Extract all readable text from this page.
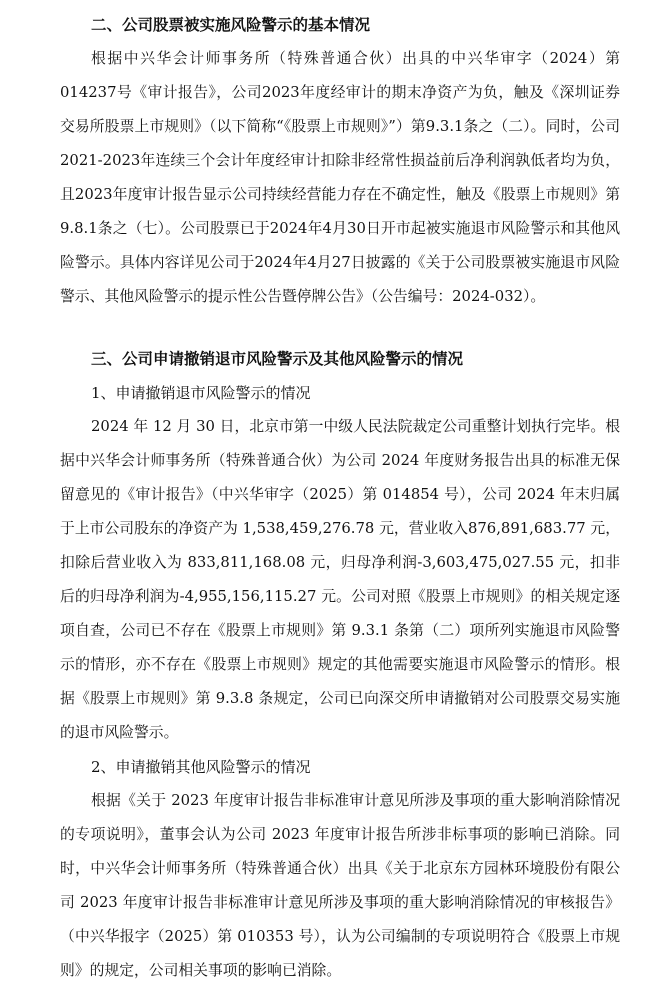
二、公司股票被实施风险警示的基本情况

根据中兴华会计师事务所（特殊普通合伙）出具的中兴华审字（2024）第014237号《审计报告》，公司2023年度经审计的期末净资产为负，触及《深圳证券交易所股票上市规则》（以下简称“《股票上市规则》”）第9.3.1条之（二）。同时，公司2021-2023年连续三个会计年度经审计扣除非经常性损益前后净利润孰低者均为负，且2023年度审计报告显示公司持续经营能力存在不确定性，触及《股票上市规则》第9.8.1条之（七）。公司股票已于2024年4月30日开市起被实施退市风险警示和其他风险警示。具体内容详见公司于2024年4月27日披露的《关于公司股票被实施退市风险警示、其他风险警示的提示性公告暨停牌公告》（公告编号：2024-032）。

三、公司申请撤销退市风险警示及其他风险警示的情况
1、申请撤销退市风险警示的情况

2024 年 12 月 30 日，北京市第一中级人民法院裁定公司重整计划执行完毕。根据中兴华会计师事务所（特殊普通合伙）为公司 2024 年度财务报告出具的标准无保留意见的《审计报告》（中兴华审字（2025）第 014854 号），公司 2024 年末归属于上市公司股东的净资产为 1,538,459,276.78 元，营业收入876,891,683.77 元，扣除后营业收入为 833,811,168.08 元，归母净利润-3,603,475,027.55 元，扣非后的归母净利润为-4,955,156,115.27 元。公司对照《股票上市规则》的相关规定逐项自查，公司已不存在《股票上市规则》第 9.3.1 条第（二）项所列实施退市风险警示的情形，亦不存在《股票上市规则》规定的其他需要实施退市风险警示的情形。根据《股票上市规则》第 9.3.8 条规定，公司已向深交所申请撤销对公司股票交易实施的退市风险警示。

2、申请撤销其他风险警示的情况

根据《关于 2023 年度审计报告非标准审计意见所涉及事项的重大影响消除情况的专项说明》，董事会认为公司 2023 年度审计报告所涉非标事项的影响已消除。同时，中兴华会计师事务所（特殊普通合伙）出具《关于北京东方园林环境股份有限公司 2023 年度审计报告非标准审计意见所涉及事项的重大影响消除情况的审核报告》（中兴华报字（2025）第 010353 号），认为公司编制的专项说明符合《股票上市规则》的规定，公司相关事项的影响已消除。
